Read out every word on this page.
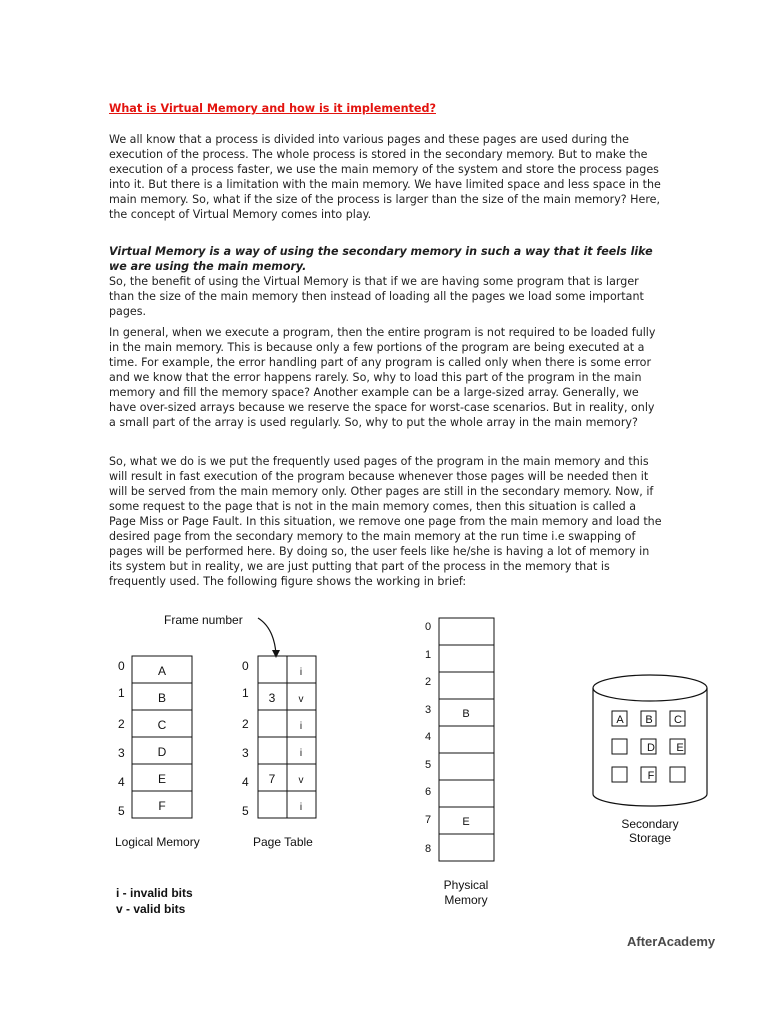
What is Virtual Memory and how is it implemented?

We all know that a process is divided into various pages and these pages are used during the execution of the process. The whole process is stored in the secondary memory. But to make the execution of a process faster, we use the main memory of the system and store the process pages into it. But there is a limitation with the main memory. We have limited space and less space in the main memory. So, what if the size of the process is larger than the size of the main memory? Here, the concept of Virtual Memory comes into play.

Virtual Memory is a way of using the secondary memory in such a way that it feels like we are using the main memory.

So, the benefit of using the Virtual Memory is that if we are having some program that is larger than the size of the main memory then instead of loading all the pages we load some important pages.

In general, when we execute a program, then the entire program is not required to be loaded fully in the main memory. This is because only a few portions of the program are being executed at a time. For example, the error handling part of any program is called only when there is some error and we know that the error happens rarely. So, why to load this part of the program in the main memory and fill the memory space? Another example can be a large-sized array. Generally, we have over-sized arrays because we reserve the space for worst-case scenarios. But in reality, only a small part of the array is used regularly. So, why to put the whole array in the main memory?

So, what we do is we put the frequently used pages of the program in the main memory and this will result in fast execution of the program because whenever those pages will be needed then it will be served from the main memory only. Other pages are still in the secondary memory. Now, if some request to the page that is not in the main memory comes, then this situation is called a Page Miss or Page Fault. In this situation, we remove one page from the main memory and load the desired page from the secondary memory to the main memory at the run time i.e swapping of pages will be performed here. By doing so, the user feels like he/she is having a lot of memory in its system but in reality, we are just putting that part of the process in the memory that is frequently used. The following figure shows the working in brief:

Frame number
0
1
2
3
4
5
A
B
C
D
E
F
Logical Memory
0
1
2
3
4
5
3
7
i
v
i
i
v
i
Page Table
0
1
2
3
4
5
6
7
8
B
E
Physical
Memory
A B C
D E
F
Secondary
Storage
i - invalid bits
v - valid bits
AfterAcademy
